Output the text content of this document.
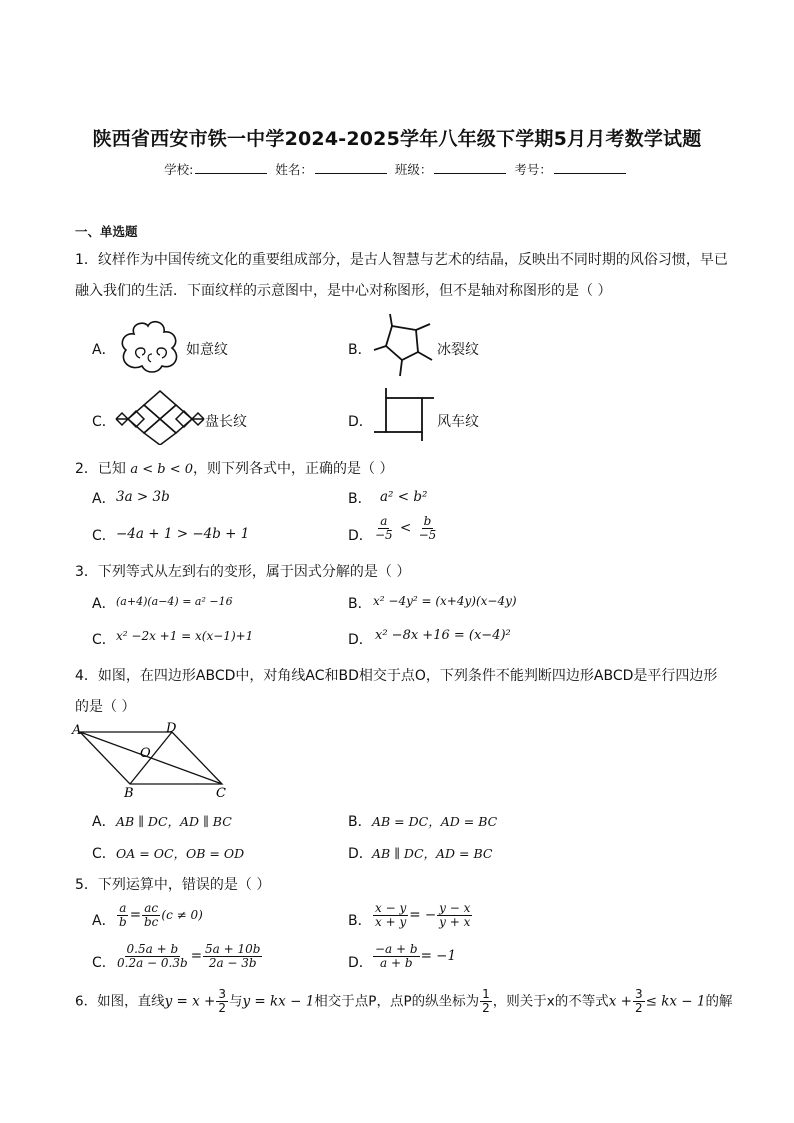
陕西省西安市铁一中学2024-2025学年八年级下学期5月月考数学试题
学校:	姓名：	班级：	考号：
一、单选题
1．纹样作为中国传统文化的重要组成部分，是古人智慧与艺术的结晶，反映出不同时期的风俗习惯，早已
融入我们的生活．下面纹样的示意图中，是中心对称图形，但不是轴对称图形的是（ ）
A．	如意纹	B．	冰裂纹
C．	盘长纹	D．	风车纹
2．已知 a < b < 0，则下列各式中，正确的是（ ）
A． 3a > 3b	B． a² < b²
C． −4a + 1 > −4b + 1	D． $\frac{a}{-5} < \frac{b}{-5}$
3．下列等式从左到右的变形，属于因式分解的是（ ）
A． (a+4)(a−4) = a² −16	B． x² −4y² = (x+4y)(x−4y)
C． x² −2x +1 = x(x−1)+1	D． x² −8x +16 = (x−4)²
4．如图，在四边形ABCD中，对角线AC和BD相交于点O，下列条件不能判断四边形ABCD是平行四边形
的是（ ）
A	D
O
B	C
A． AB ∥ DC，AD ∥ BC	B． AB = DC，AD = BC
C． OA = OC，OB = OD	D． AB ∥ DC，AD = BC
5．下列运算中，错误的是（ ）
A． $\frac{a}{b} = \frac{ac}{bc} (c \ne 0)$	B． $\frac{x - y}{x + y}$ = − $\frac{y - x}{y + x}$
C． $\frac{0.5a + b}{0.2a - 0.3b} = \frac{5a + 10b}{2a - 3b}$	D． $\frac{-a + b}{a + b} = -1$
6．如图，直线$y = x + \frac{3}{2}$ 与y = kx − 1相交于点P，点P的纵坐标为 $\frac{1}{2}$ ，则关于x的不等式$x + \frac{3}{2}$ ≤ kx − 1的解
